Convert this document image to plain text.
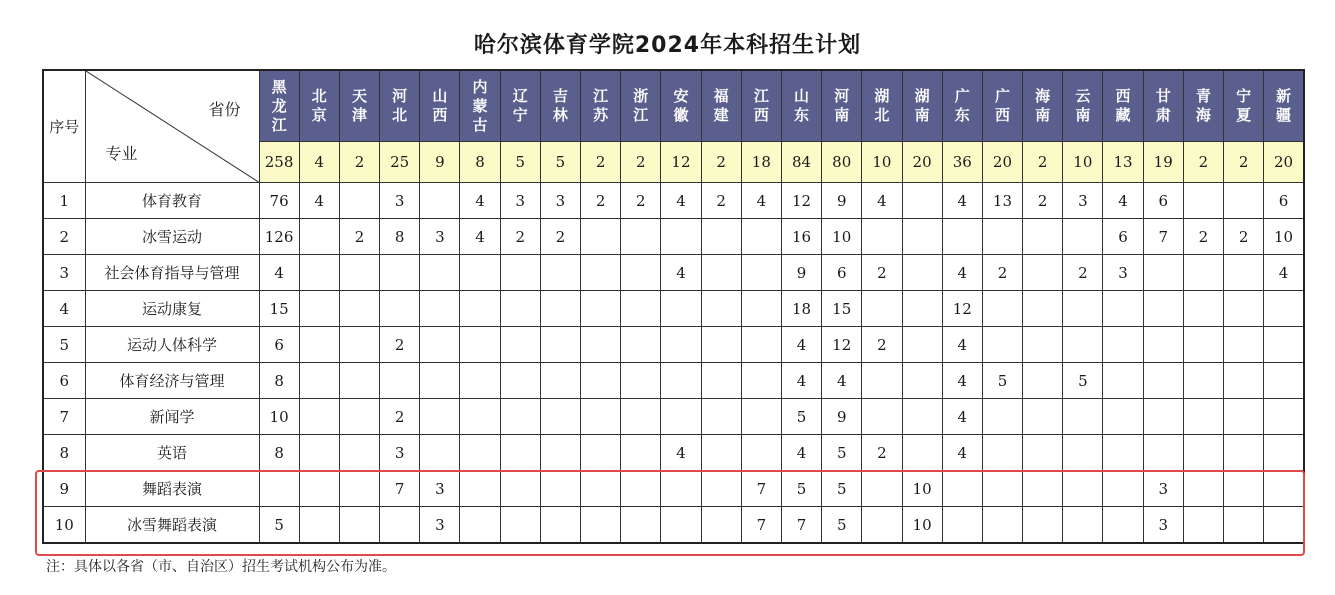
哈尔滨体育学院2024年本科招生计划
序号	省份
专业	黑龙江	北京	天津	河北	山西	内蒙古	辽宁	吉林	江苏	浙江	安徽	福建	江西	山东	河南	湖北	湖南	广东	广西	海南	云南	西藏	甘肃	青海	宁夏	新疆
		258	4	2	25	9	8	5	5	2	2	12	2	18	84	80	10	20	36	20	2	10	13	19	2	2	20
1	体育教育	76	4		3		4	3	3	2	2	4	2	4	12	9	4		4	13	2	3	4	6			6
2	冰雪运动	126		2	8	3	4	2	2						16	10							6	7	2	2	10
3	社会体育指导与管理	4										4			9	6	2		4	2		2	3				4
4	运动康复	15													18	15			12								
5	运动人体科学	6			2										4	12	2		4								
6	体育经济与管理	8													4	4			4	5		5					
7	新闻学	10			2										5	9			4								
8	英语	8			3							4			4	5	2		4								
9	舞蹈表演				7	3								7	5	5		10						3			
10	冰雪舞蹈表演	5				3								7	7	5		10						3			
注：具体以各省（市、自治区）招生考试机构公布为准。
